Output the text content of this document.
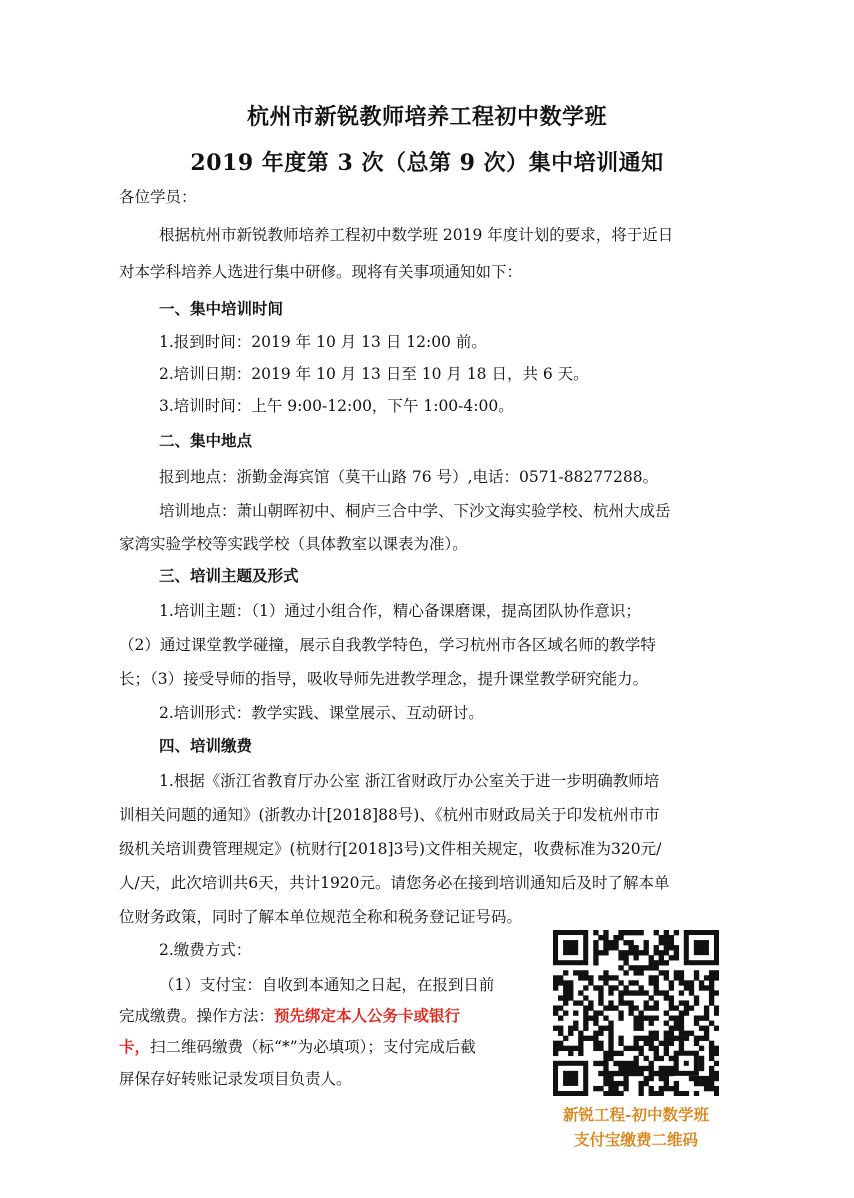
杭州市新锐教师培养工程初中数学班
2019 年度第 3 次（总第 9 次）集中培训通知
各位学员：
根据杭州市新锐教师培养工程初中数学班 2019 年度计划的要求，将于近日
对本学科培养人选进行集中研修。现将有关事项通知如下：
一、集中培训时间
1.报到时间：2019 年 10 月 13 日 12:00 前。
2.培训日期：2019 年 10 月 13 日至 10 月 18 日，共 6 天。
3.培训时间：上午 9:00-12:00，下午 1:00-4:00。
二、集中地点
报到地点：浙勤金海宾馆（莫干山路 76 号）,电话：0571-88277288。
培训地点：萧山朝晖初中、桐庐三合中学、下沙文海实验学校、杭州大成岳
家湾实验学校等实践学校（具体教室以课表为准）。
三、培训主题及形式
1.培训主题：（1）通过小组合作，精心备课磨课，提高团队协作意识；
（2）通过课堂教学碰撞，展示自我教学特色，学习杭州市各区域名师的教学特
长；（3）接受导师的指导，吸收导师先进教学理念，提升课堂教学研究能力。
2.培训形式：教学实践、课堂展示、互动研讨。
四、培训缴费
1.根据《浙江省教育厅办公室 浙江省财政厅办公室关于进一步明确教师培
训相关问题的通知》(浙教办计[2018]88号)、《杭州市财政局关于印发杭州市市
级机关培训费管理规定》(杭财行[2018]3号)文件相关规定，收费标准为320元/
人/天，此次培训共6天，共计1920元。请您务必在接到培训通知后及时了解本单
位财务政策，同时了解本单位规范全称和税务登记证号码。
2.缴费方式：
（1）支付宝：自收到本通知之日起，在报到日前
完成缴费。操作方法：预先绑定本人公务卡或银行
卡，扫二维码缴费（标“*”为必填项）；支付完成后截
屏保存好转账记录发项目负责人。
新锐工程-初中数学班
支付宝缴费二维码
